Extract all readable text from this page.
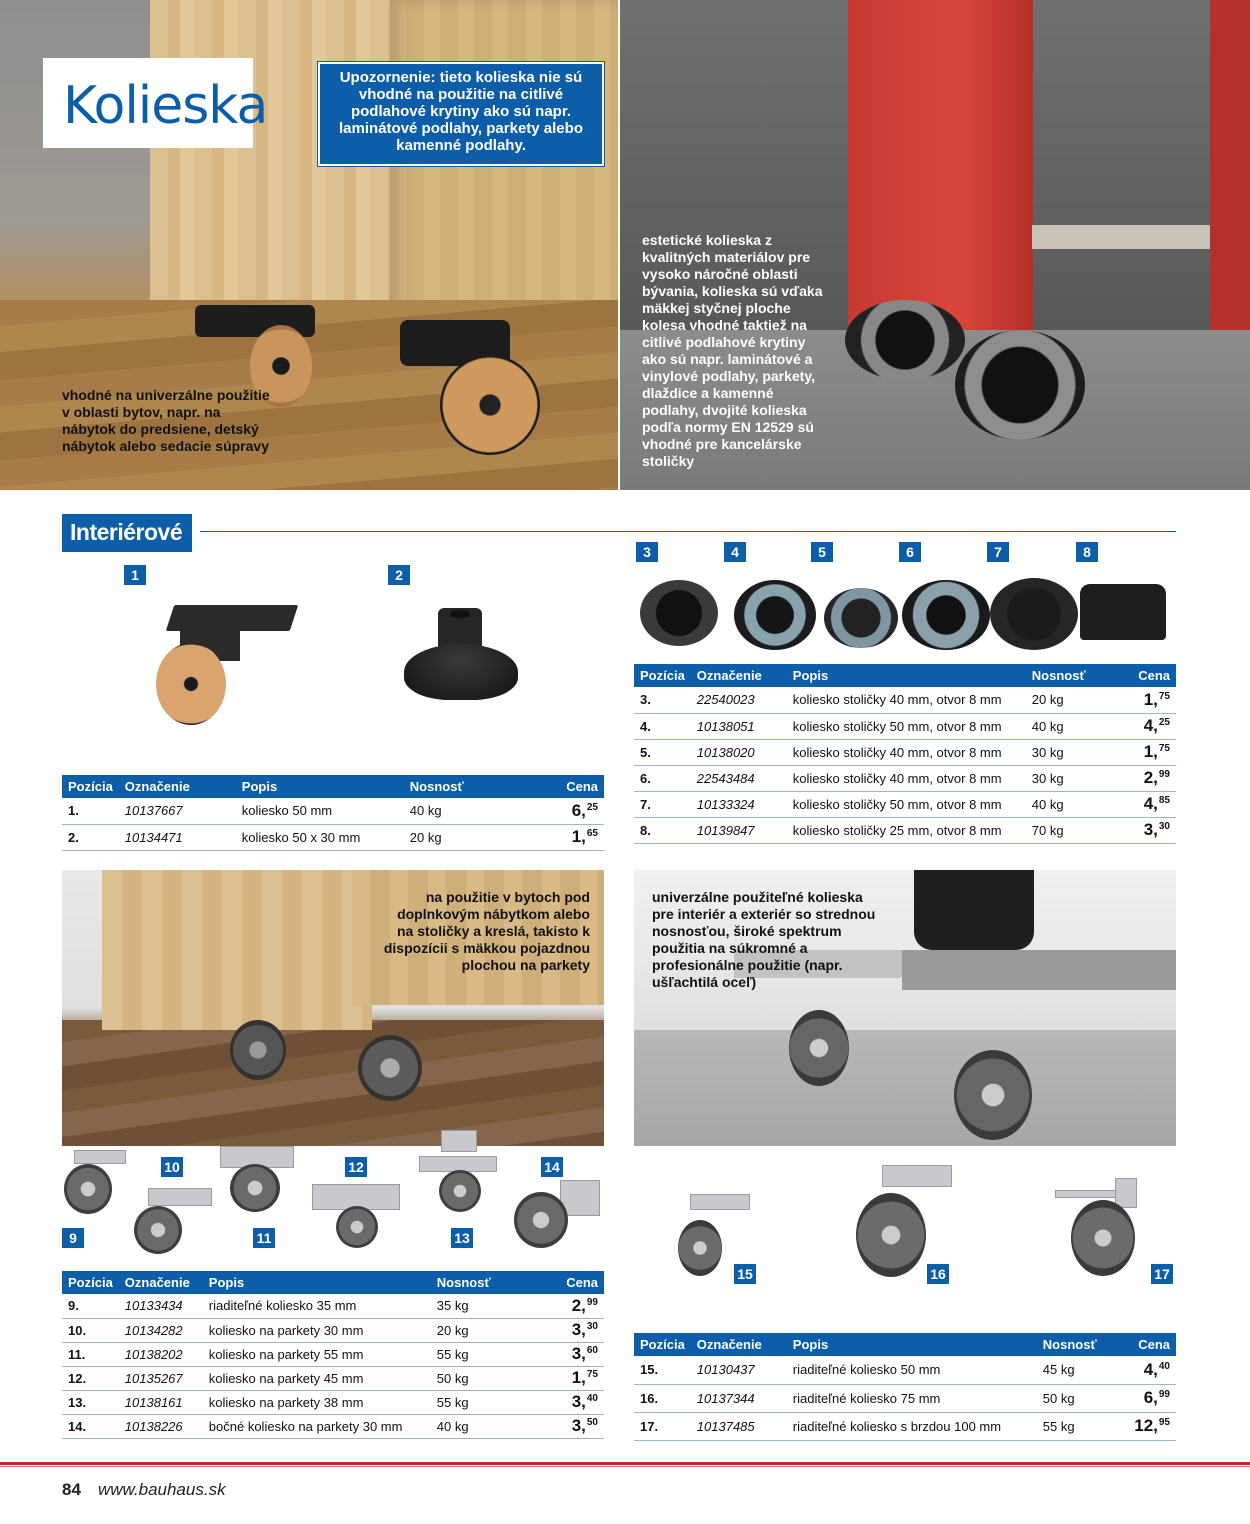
Kolieska	Upozornenie: tieto kolieska nie sú vhodné na použitie na citlivé podlahové krytiny ako sú napr. laminátové podlahy, parkety alebo kamenné podlahy.
vhodné na univerzálne použitie v oblasti bytov, napr. na nábytok do predsiene, detský nábytok alebo sedacie súpravy
estetické kolieska z kvalitných materiálov pre vysoko náročné oblasti bývania, kolieska sú vďaka mäkkej styčnej ploche kolesa vhodné taktiež na citlivé podlahové krytiny ako sú napr. laminátové a vinylové podlahy, parkety, dlaždice a kamenné podlahy, dvojité kolieska podľa normy EN 12529 sú vhodné pre kancelárske stoličky
Interiérové
1	2
3	4	5	6	7	8
Pozícia	Označenie	Popis	Nosnosť	Cena
1.	10137667	koliesko 50 mm	40 kg	6,25
2.	10134471	koliesko 50 x 30 mm	20 kg	1,65
Pozícia	Označenie	Popis	Nosnosť	Cena
3.	22540023	koliesko stoličky 40 mm, otvor 8 mm	20 kg	1,75
4.	10138051	koliesko stoličky 50 mm, otvor 8 mm	40 kg	4,25
5.	10138020	koliesko stoličky 40 mm, otvor 8 mm	30 kg	1,75
6.	22543484	koliesko stoličky 40 mm, otvor 8 mm	30 kg	2,99
7.	10133324	koliesko stoličky 50 mm, otvor 8 mm	40 kg	4,85
8.	10139847	koliesko stoličky 25 mm, otvor 8 mm	70 kg	3,30
na použitie v bytoch pod doplnkovým nábytkom alebo na stoličky a kreslá, takisto k dispozícii s mäkkou pojazdnou plochou na parkety
univerzálne použiteľné kolieska pre interiér a exteriér so strednou nosnosťou, široké spektrum použitia na súkromné a profesionálne použitie (napr. ušľachtilá oceľ)
10	12	14
9	11	13
Pozícia	Označenie	Popis	Nosnosť	Cena
9.	10133434	riaditeľné koliesko 35 mm	35 kg	2,99
10.	10134282	koliesko na parkety 30 mm	20 kg	3,30
11.	10138202	koliesko na parkety 55 mm	55 kg	3,60
12.	10135267	koliesko na parkety 45 mm	50 kg	1,75
13.	10138161	koliesko na parkety 38 mm	55 kg	3,40
14.	10138226	bočné koliesko na parkety 30 mm	40 kg	3,50
15	16	17
Pozícia	Označenie	Popis	Nosnosť	Cena
15.	10130437	riaditeľné koliesko 50 mm	45 kg	4,40
16.	10137344	riaditeľné koliesko 75 mm	50 kg	6,99
17.	10137485	riaditeľné koliesko s brzdou 100 mm	55 kg	12,95
84 www.bauhaus.sk
